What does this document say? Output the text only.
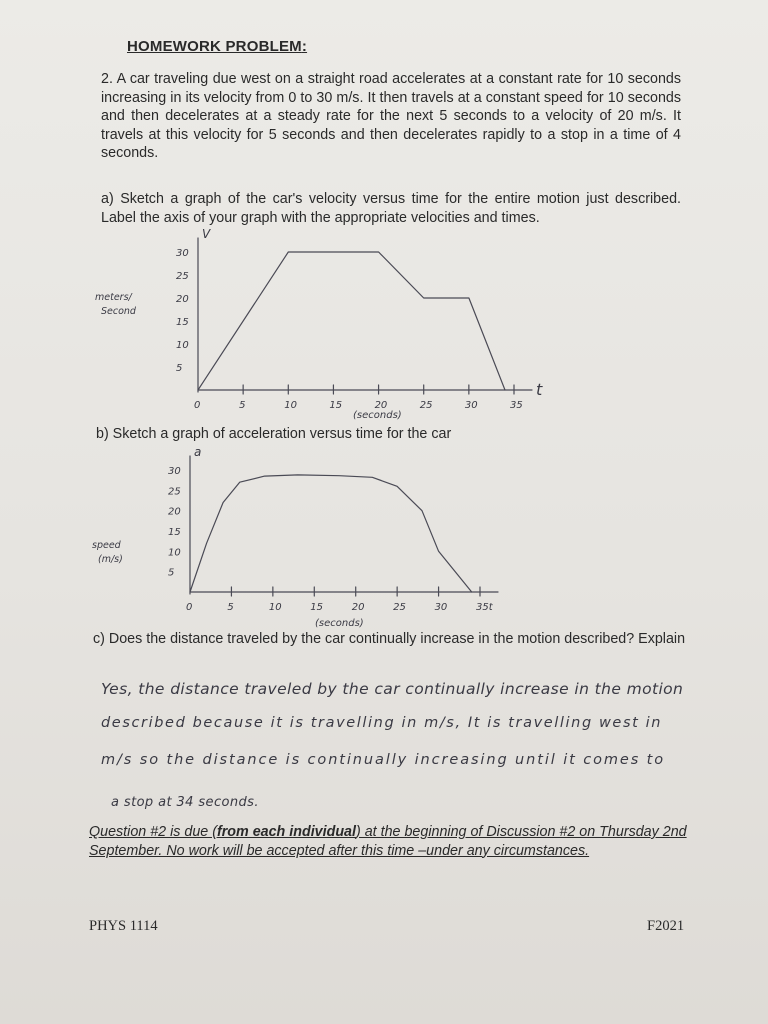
HOMEWORK PROBLEM:
2. A car traveling due west on a straight road accelerates at a constant rate for 10 seconds increasing in its velocity from 0 to 30 m/s. It then travels at a constant speed for 10 seconds and then decelerates at a steady rate for the next 5 seconds to a velocity of 20 m/s. It travels at this velocity for 5 seconds and then decelerates rapidly to a stop in a time of 4 seconds.
a) Sketch a graph of the car's velocity versus time for the entire motion just described. Label the axis of your graph with the appropriate velocities and times.
0	5	10	15	20	25	30	35
5
10
15
20
25
30
V
t
meters/
Second
(seconds)
0	5	10	15	20	25	30	35t
5
10
15
20
25
30
a
speed
(m/s)
(seconds)
b) Sketch a graph of acceleration versus time for the car
c) Does the distance traveled by the car continually increase in the motion described? Explain
Yes, the distance traveled by the car continually increase in the motion
described because it is travelling in m/s, It is travelling west in
m/s so the distance is continually increasing until it comes to
a stop at 34 seconds.
Question #2 is due (from each individual) at the beginning of Discussion #2 on Thursday 2nd September. No work will be accepted after this time –under any circumstances.
PHYS 1114	F2021
